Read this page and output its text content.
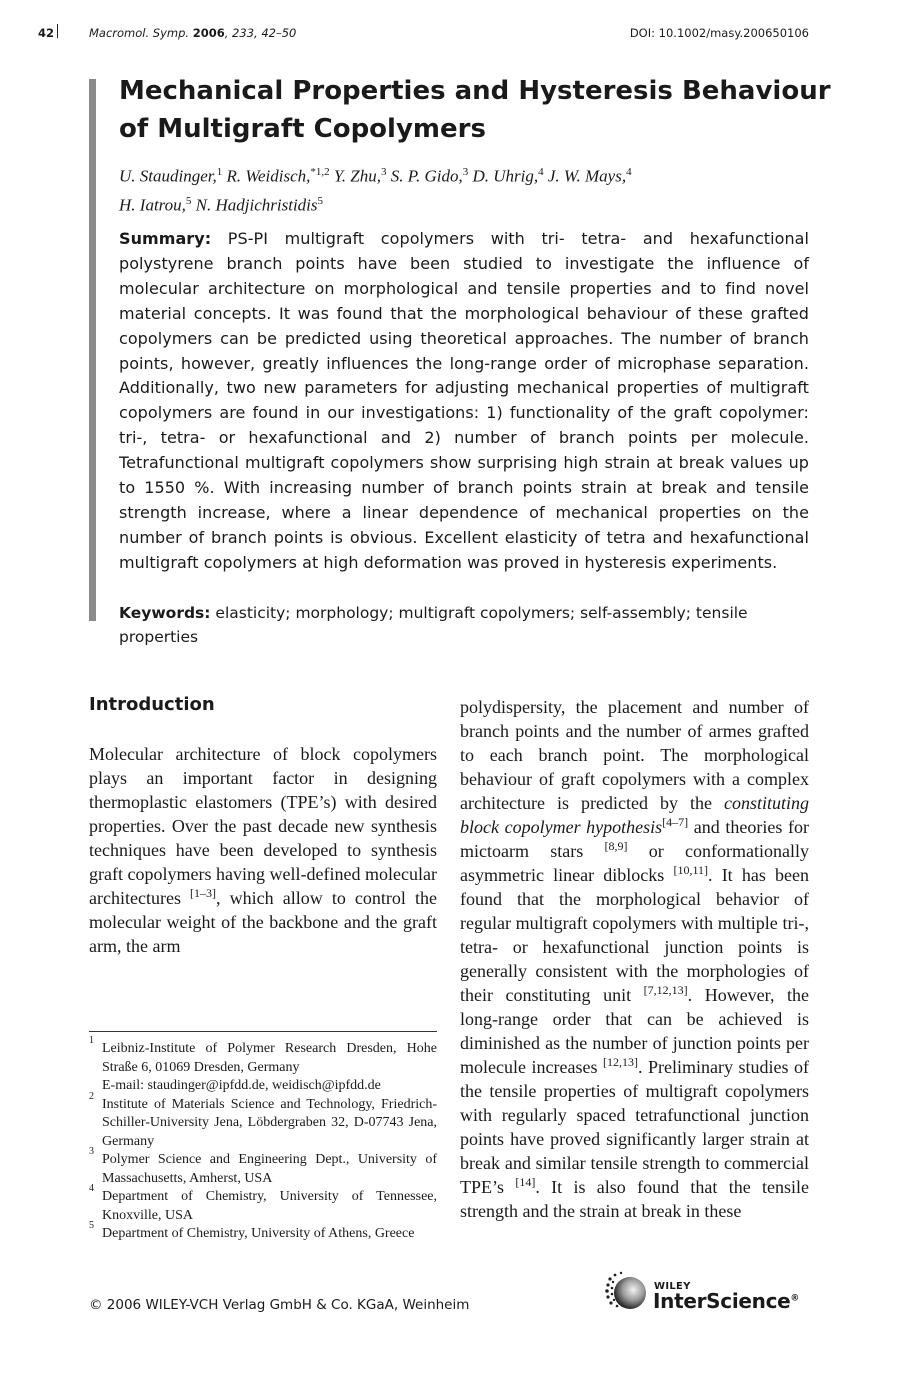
42	Macromol. Symp. 2006, 233, 42–50	DOI: 10.1002/masy.200650106
Mechanical Properties and Hysteresis Behaviour of Multigraft Copolymers
U. Staudinger,$^1$ R. Weidisch,$^{*1,2}$ Y. Zhu,$^3$ S. P. Gido,$^3$ D. Uhrig,$^4$ J. W. Mays,$^4$
H. Iatrou,$^5$ N. Hadjichristidis$^5$
Summary: PS-PI multigraft copolymers with tri- tetra- and hexafunctional polystyrene branch points have been studied to investigate the influence of molecular architecture on morphological and tensile properties and to find novel material concepts. It was found that the morphological behaviour of these grafted copolymers can be predicted using theoretical approaches. The number of branch points, however, greatly influences the long-range order of microphase separation. Additionally, two new parameters for adjusting mechanical properties of multigraft copolymers are found in our investigations: 1) functionality of the graft copolymer: tri-, tetra- or hexafunctional and 2) number of branch points per molecule. Tetrafunctional multigraft copolymers show surprising high strain at break values up to 1550 %. With increasing number of branch points strain at break and tensile strength increase, where a linear dependence of mechanical properties on the number of branch points is obvious. Excellent elasticity of tetra and hexafunctional multigraft copolymers at high deformation was proved in hysteresis experiments.
Keywords: elasticity; morphology; multigraft copolymers; self-assembly; tensile properties
Introduction
Molecular architecture of block copolymers plays an important factor in designing thermoplastic elastomers (TPE’s) with desired properties. Over the past decade new synthesis techniques have been developed to synthesis graft copolymers having well-defined molecular architectures [1–3], which allow to control the molecular weight of the backbone and the graft arm, the arm
polydispersity, the placement and number of branch points and the number of armes grafted to each branch point. The morphological behaviour of graft copolymers with a complex architecture is predicted by the constituting block copolymer hypothesis[4–7] and theories for mictoarm stars [8,9] or conformationally asymmetric linear diblocks [10,11]. It has been found that the morphological behavior of regular multigraft copolymers with multiple tri-, tetra- or hexafunctional junction points is generally consistent with the morphologies of their constituting unit [7,12,13]. However, the long-range order that can be achieved is diminished as the number of junction points per molecule increases [12,13]. Preliminary studies of the tensile properties of multigraft copolymers with regularly spaced tetrafunctional junction points have proved significantly larger strain at break and similar tensile strength to commercial TPE’s [14]. It is also found that the tensile strength and the strain at break in these
1
Leibniz-Institute of Polymer Research Dresden, Hohe Straße 6, 01069 Dresden, Germany
E-mail: staudinger@ipfdd.de, weidisch@ipfdd.de
2
Institute of Materials Science and Technology, Friedrich-Schiller-University Jena, Löbdergraben 32, D-07743 Jena, Germany
3
Polymer Science and Engineering Dept., University of Massachusetts, Amherst, USA
4
Department of Chemistry, University of Tennessee, Knoxville, USA
5
Department of Chemistry, University of Athens, Greece
© 2006 WILEY-VCH Verlag GmbH & Co. KGaA, Weinheim
WILEY
InterScience®
